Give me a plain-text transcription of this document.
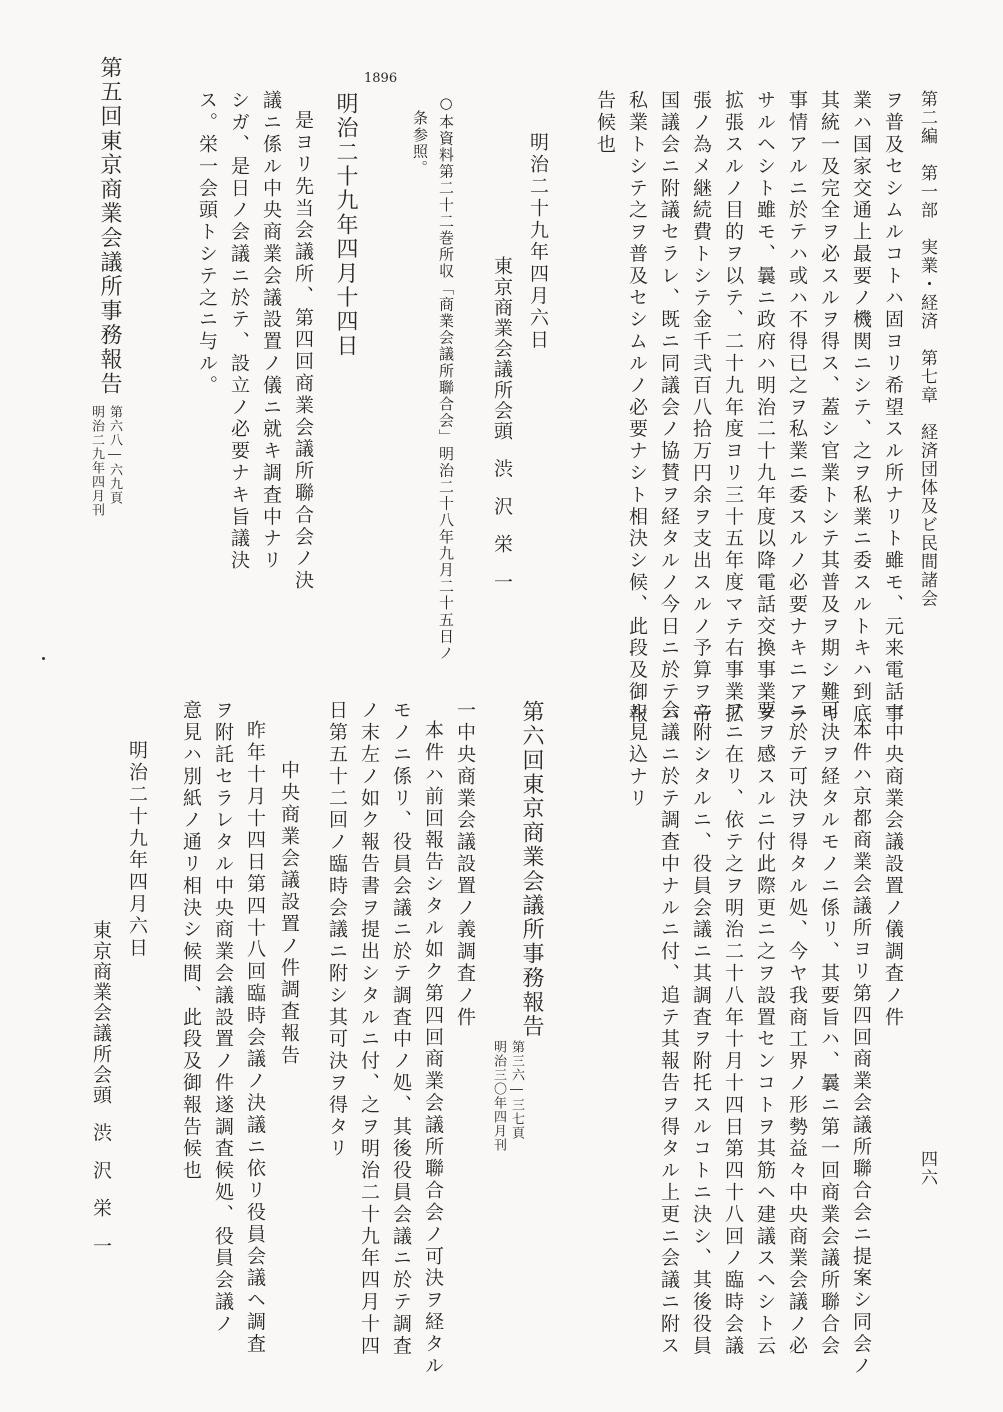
第二編　第一部　実業・経済　第七章　経済団体及ビ民間諸会

四六

ヲ普及セシムルコトハ固ヨリ希望スル所ナリト雖モ、元来電話事

業ハ国家交通上最要ノ機関ニシテ、之ヲ私業ニ委スルトキハ到底

其統一及完全ヲ必スルヲ得ス、蓋シ官業トシテ其普及ヲ期シ難キ

事情アルニ於テハ或ハ不得已之ヲ私業ニ委スルノ必要ナキニアラ

サルヘシト雖モ、曩ニ政府ハ明治二十九年度以降電話交換事業ヲ

拡張スルノ目的ヲ以テ、二十九年度ヨリ三十五年度マテ右事業拡

張ノ為メ継続費トシテ金千弐百八拾万円余ヲ支出スルノ予算ヲ帝

国議会ニ附議セラレ、既ニ同議会ノ協賛ヲ経タルノ今日ニ於テハ

私業トシテ之ヲ普及セシムルノ必要ナシト相決シ候、此段及御報

告候也

明治二十九年四月六日

東京商業会議所会頭渋沢栄一

○本資料第二十二巻所収「商業会議所聯合会」明治二十八年九月二十五日ノ

条参照。

1896

明治二十九年四月十四日

是ヨリ先当会議所、第四回商業会議所聯合会ノ決

議ニ係ル中央商業会議設置ノ儀ニ就キ調査中ナリ

シガ、是日ノ会議ニ於テ、設立ノ必要ナキ旨議決

ス。栄一会頭トシテ之ニ与ル。

第五回東京商業会議所事務報告

第六八―六九頁

明治二九年四月刊

一中央商業会議設置ノ儀調査ノ件

本件ハ京都商業会議所ヨリ第四回商業会議所聯合会ニ提案シ同会ノ

可決ヲ経タルモノニ係リ、其要旨ハ、曩ニ第一回商業会議所聯合会

ニ於テ可決ヲ得タル処、今ヤ我商工界ノ形勢益々中央商業会議ノ必

要ヲ感スルニ付此際更ニ之ヲ設置センコトヲ其筋ヘ建議スヘシト云

フニ在リ、依テ之ヲ明治二十八年十月十四日第四十八回ノ臨時会議

ニ附シタルニ、役員会議ニ其調査ヲ附托スルコトニ決シ、其後役員

会議ニ於テ調査中ナルニ付、追テ其報告ヲ得タル上更ニ会議ニ附ス

ル見込ナリ

第六回東京商業会議所事務報告

第三六―三七頁

明治三〇年四月刊

一中央商業会議設置ノ義調査ノ件

本件ハ前回報告シタル如ク第四回商業会議所聯合会ノ可決ヲ経タル

モノニ係リ、役員会議ニ於テ調査中ノ処、其後役員会議ニ於テ調査

ノ末左ノ如ク報告書ヲ提出シタルニ付、之ヲ明治二十九年四月十四

日第五十二回ノ臨時会議ニ附シ其可決ヲ得タリ

中央商業会議設置ノ件調査報告

昨年十月十四日第四十八回臨時会議ノ決議ニ依リ役員会議ヘ調査

ヲ附託セラレタル中央商業会議設置ノ件遂調査候処、役員会議ノ

意見ハ別紙ノ通リ相決シ候間、此段及御報告候也

明治二十九年四月六日

東京商業会議所会頭渋沢栄一
